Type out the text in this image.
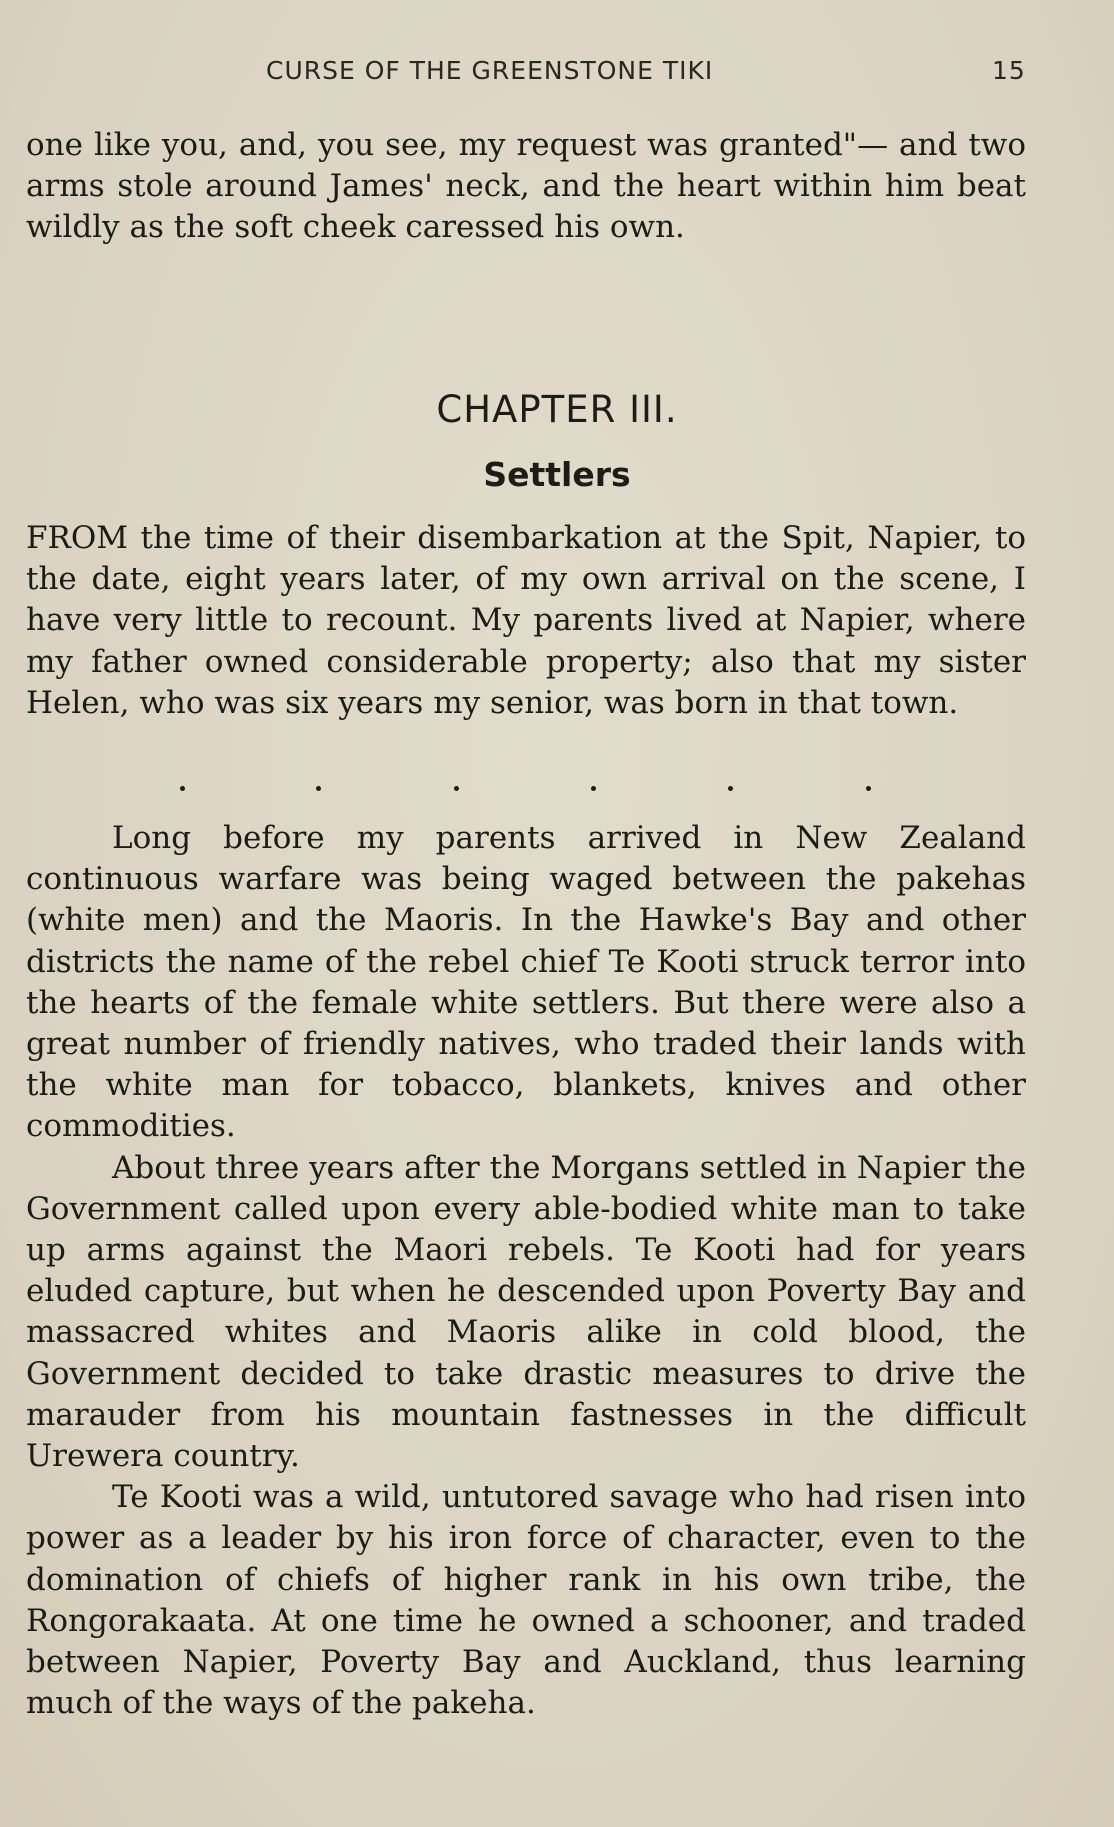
CURSE OF THE GREENSTONE TIKI	15

one like you, and, you see, my request was granted"— and two arms stole around James' neck, and the heart within him beat wildly as the soft cheek caressed his own.

CHAPTER III.
Settlers

FROM the time of their disembarkation at the Spit, Napier, to the date, eight years later, of my own arrival on the scene, I have very little to recount. My parents lived at Napier, where my father owned considerable property; also that my sister Helen, who was six years my senior, was born in that town.

Long before my parents arrived in New Zealand continuous warfare was being waged between the pakehas (white men) and the Maoris. In the Hawke's Bay and other districts the name of the rebel chief Te Kooti struck terror into the hearts of the female white settlers. But there were also a great number of friendly natives, who traded their lands with the white man for tobacco, blankets, knives and other commodities.

About three years after the Morgans settled in Napier the Government called upon every able-bodied white man to take up arms against the Maori rebels. Te Kooti had for years eluded capture, but when he descended upon Poverty Bay and massacred whites and Maoris alike in cold blood, the Government decided to take drastic measures to drive the marauder from his mountain fastnesses in the difficult Urewera country.

Te Kooti was a wild, untutored savage who had risen into power as a leader by his iron force of character, even to the domination of chiefs of higher rank in his own tribe, the Rongorakaata. At one time he owned a schooner, and traded between Napier, Poverty Bay and Auckland, thus learning much of the ways of the pakeha.
